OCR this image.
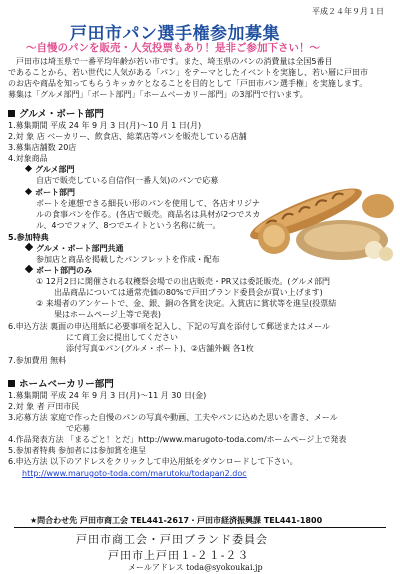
平成２４年９月１日
戸田市パン選手権参加募集
～自慢のパンを販売・人気投票もあり！是非ご参加下さい！～
戸田市は埼玉県で一番平均年齢が若い市です。また、埼玉県のパンの消費量は全国5番目
であることから、若い世代に人気がある「パン」をテーマとしたイベントを実施し、若い層に戸田市
のお店や商品を知ってもらうキッカケとなることを目的として「戸田市パン選手権」を実施します。
募集は「グルメ部門」「ボート部門」「ホームベーカリー部門」の3部門で行います。
グルメ・ボート部門
1.募集期間 平成 24 年 9 月 3 日(月)～10 月 1 日(月)
2.対 象 店 ベーカリー、飲食店、総菜店等パンを販売している店舗
3.募集店舗数 20店
4.対象商品
グルメ部門
自店で販売している自信作(一番人気)のパンで応募
ボート部門
ボートを連想できる細長い形のパンを使用して、各店オリジナ
ルの食事パンを作る。(各店で販売。商品名は具材が2つでスカ
ル、4つでフォア、8つでエイトという名称に統一。
5.参加特典
グルメ・ボート部門共通
参加店と商品を掲載したパンフレットを作成・配布
ボート部門のみ
① 12月2日に開催される収穫祭会場での出店販売・PR又は委託販売。(グルメ部門
出品商品については通常売価の80%で戸田ブランド委員会が買い上げます)
② 来場者のアンケートで、金、銀、銅の各賞を決定。入賞店に賞状等を進呈(投票結
果はホームページ上等で発表)
6.申込方法 裏面の申込用紙に必要事項を記入し、下記の写真を添付して郵送またはメール
にて商工会に提出してください
添付写真①パン(グルメ・ボート)、②店舗外観 各1枚
7.参加費用 無料
ホームベーカリー部門
1.募集期間 平成 24 年 9 月 3 日(月)～11 月 30 日(金)
2.対 象 者 戸田市民
3.応募方法 家庭で作った自慢のパンの写真や動画、工夫やパンに込めた思いを書き、メール
で応募
4.作品発表方法 「まるごと！とだ」http://www.marugoto-toda.com/ホームページ上で発表
5.参加者特典 参加者には参加賞を進呈
6.申込方法 以下のアドレスをクリックして申込用紙をダウンロードして下さい。
http://www.marugoto-toda.com/marutoku/todapan2.doc
★問合わせ先 戸田市商工会 TEL441-2617・戸田市経済振興課 TEL441-1800
戸田市商工会・戸田ブランド委員会
戸田市上戸田１-２１-２３
メールアドレス toda@syokoukai.jp
